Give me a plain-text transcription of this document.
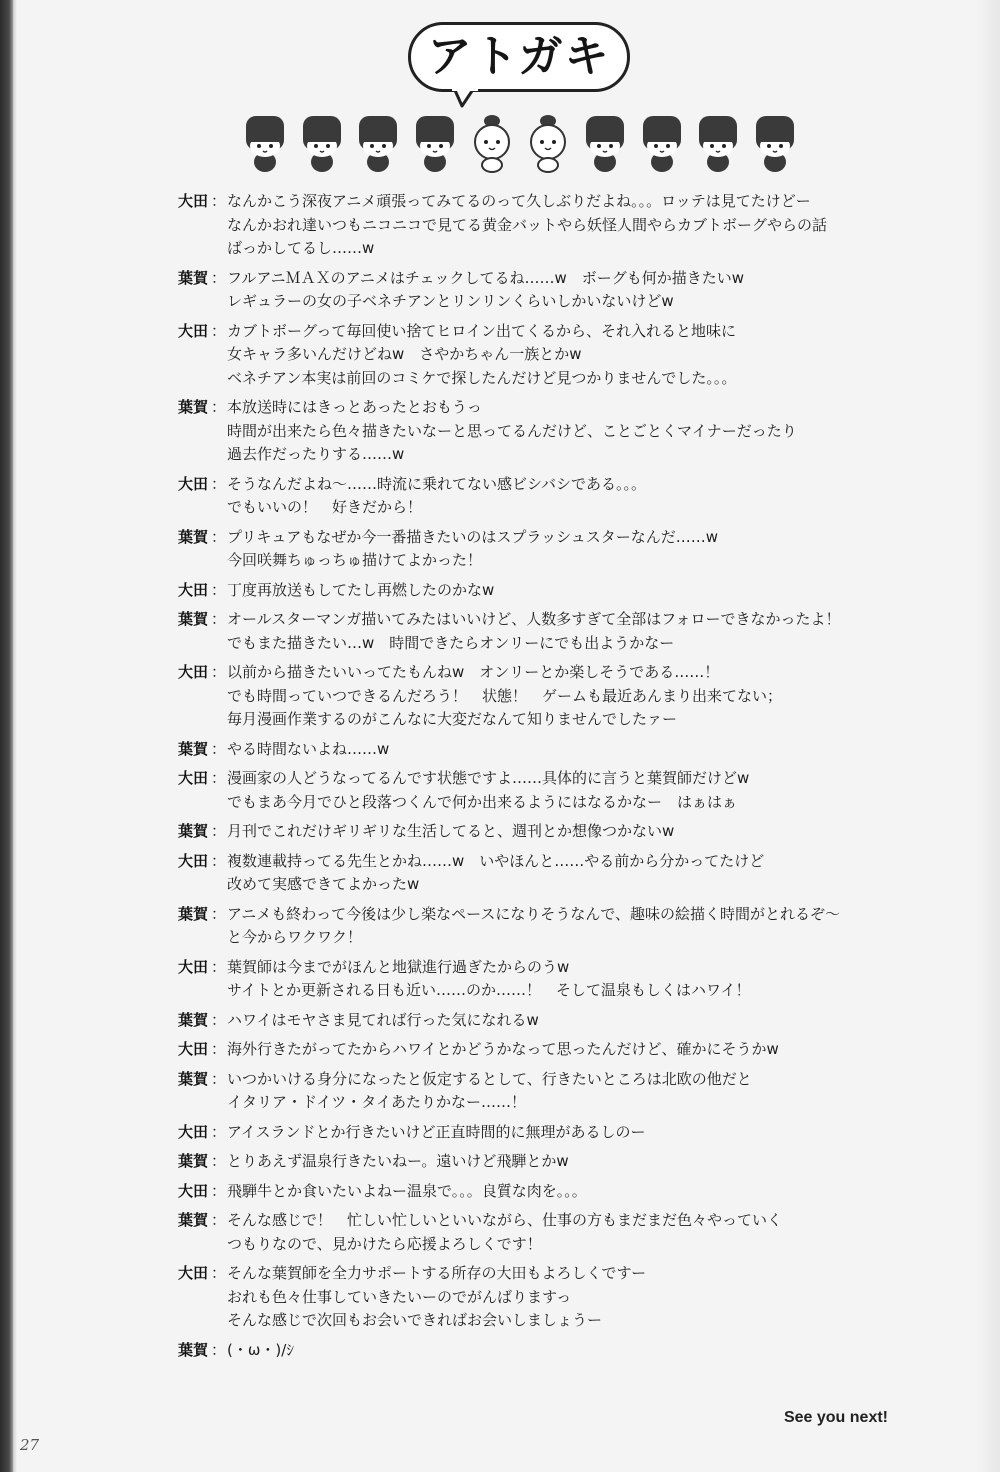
アトガキ
大田 ： なんかこう深夜アニメ頑張ってみてるのって久しぶりだよね。。。ロッテは見てたけどー
なんかおれ達いつもニコニコで見てる黄金バットやら妖怪人間やらカブトボーグやらの話
ばっかしてるし……w
葉賀 ： フルアニＭＡＸのアニメはチェックしてるね……w　ボーグも何か描きたいw
レギュラーの女の子ベネチアンとリンリンくらいしかいないけどw
大田 ： カブトボーグって毎回使い捨てヒロイン出てくるから、それ入れると地味に
女キャラ多いんだけどねw　さやかちゃん一族とかw
ベネチアン本実は前回のコミケで探したんだけど見つかりませんでした。。。
葉賀 ： 本放送時にはきっとあったとおもうっ
時間が出来たら色々描きたいなーと思ってるんだけど、ことごとくマイナーだったり
過去作だったりする……w
大田 ： そうなんだよね～……時流に乗れてない感ビシバシである。。。
でもいいの！　好きだから！
葉賀 ： プリキュアもなぜか今一番描きたいのはスプラッシュスターなんだ……w
今回咲舞ちゅっちゅ描けてよかった！
大田 ： 丁度再放送もしてたし再燃したのかなw
葉賀 ： オールスターマンガ描いてみたはいいけど、人数多すぎて全部はフォローできなかったよ！
でもまた描きたい…w　時間できたらオンリーにでも出ようかなー
大田 ： 以前から描きたいいってたもんねw　オンリーとか楽しそうである……！
でも時間っていつできるんだろう！　状態！　ゲームも最近あんまり出来てない；
毎月漫画作業するのがこんなに大変だなんて知りませんでしたァー
葉賀 ： やる時間ないよね……w
大田 ： 漫画家の人どうなってるんです状態ですよ……具体的に言うと葉賀師だけどw
でもまあ今月でひと段落つくんで何か出来るようにはなるかなー　はぁはぁ
葉賀 ： 月刊でこれだけギリギリな生活してると、週刊とか想像つかないw
大田 ： 複数連載持ってる先生とかね……w　いやほんと……やる前から分かってたけど
改めて実感できてよかったw
葉賀 ： アニメも終わって今後は少し楽なペースになりそうなんで、趣味の絵描く時間がとれるぞ～
と今からワクワク！
大田 ： 葉賀師は今までがほんと地獄進行過ぎたからのうw
サイトとか更新される日も近い……のか……！　そして温泉もしくはハワイ！
葉賀 ： ハワイはモヤさま見てれば行った気になれるw
大田 ： 海外行きたがってたからハワイとかどうかなって思ったんだけど、確かにそうかw
葉賀 ： いつかいける身分になったと仮定するとして、行きたいところは北欧の他だと
イタリア・ドイツ・タイあたりかなー……！
大田 ： アイスランドとか行きたいけど正直時間的に無理があるしのー
葉賀 ： とりあえず温泉行きたいねー。遠いけど飛騨とかw
大田 ： 飛騨牛とか食いたいよねー温泉で。。。良質な肉を。。。
葉賀 ： そんな感じで！　忙しい忙しいといいながら、仕事の方もまだまだ色々やっていく
つもりなので、見かけたら応援よろしくです！
大田 ： そんな葉賀師を全力サポートする所存の大田もよろしくですー
おれも色々仕事していきたいーのでがんばりますっ
そんな感じで次回もお会いできればお会いしましょうー
葉賀 ： (・ω・)/ｼ
See you next!
27
